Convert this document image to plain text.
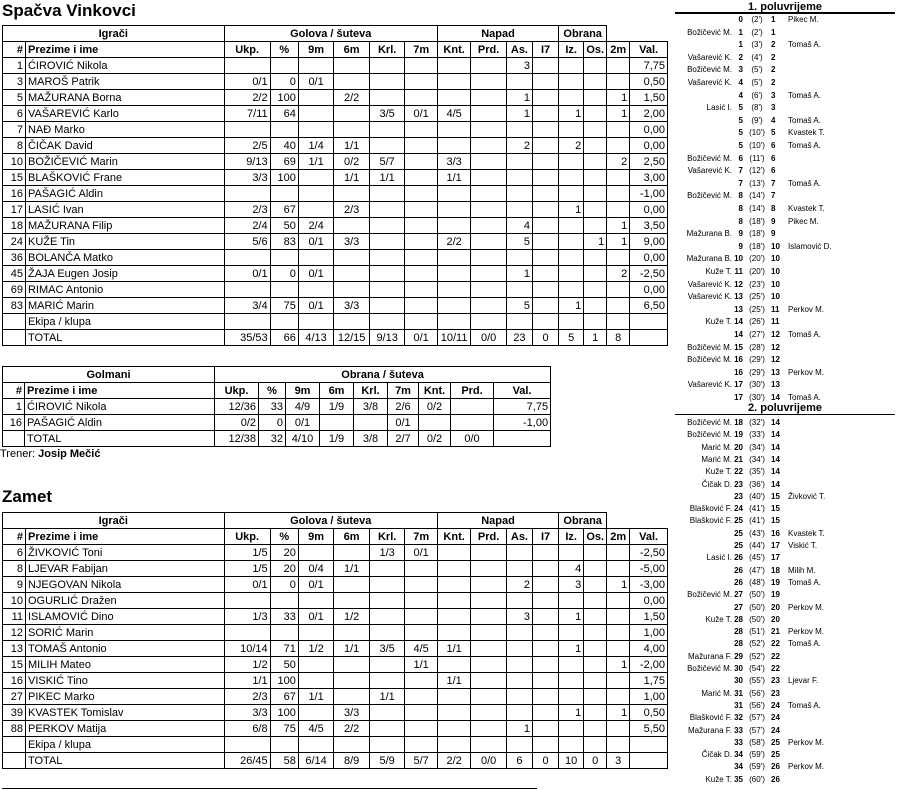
Spačva Vinkovci
Igrači		Golova / šuteva						Napad				Obrana			
#	Prezime i ime	Ukp.	%	9m	6m	Krl.	7m	Knt.	Prd.	As.	I7	Iz.	Os.	2m	Val.
1	ĆIROVIĆ Nikola									3					7,75
3	MAROŠ Patrik	0/1	0	0/1											0,50
5	MAŽURANA Borna	2/2	100		2/2					1				1	1,50
6	VAŠAREVIĆ Karlo	7/11	64			3/5	0/1	4/5		1		1		1	2,00
7	NAĐ Marko														0,00
8	ČIČAK David	2/5	40	1/4	1/1					2		2			0,00
10	BOŽIČEVIĆ Marin	9/13	69	1/1	0/2	5/7		3/3						2	2,50
15	BLAŠKOVIĆ Frane	3/3	100		1/1	1/1		1/1							3,00
16	PAŠAGIĆ Aldin														-1,00
17	LASIĆ Ivan	2/3	67		2/3							1			0,00
18	MAŽURANA Filip	2/4	50	2/4						4				1	3,50
24	KUŽE Tin	5/6	83	0/1	3/3			2/2		5			1	1	9,00
36	BOLANČA Matko														0,00
45	ŽAJA Eugen Josip	0/1	0	0/1						1				2	-2,50
69	RIMAC Antonio														0,00
83	MARIĆ Marin	3/4	75	0/1	3/3					5		1			6,50
	Ekipa / klupa														
	TOTAL	35/53	66	4/13	12/15	9/13	0/1	10/11	0/0	23	0	5	1	8	
Golmani		Obrana / šuteva								
#	Prezime i ime	Ukp.	%	9m	6m	Krl.	7m	Knt.	Prd.	Val.
1	ĆIROVIĆ Nikola	12/36	33	4/9	1/9	3/8	2/6	0/2		7,75
16	PAŠAGIĆ Aldin	0/2	0	0/1			0/1			-1,00
	TOTAL	12/38	32	4/10	1/9	3/8	2/7	0/2	0/0	
Trener: Josip Mečić
Zamet
Igrači		Golova / šuteva						Napad				Obrana			
#	Prezime i ime	Ukp.	%	9m	6m	Krl.	7m	Knt.	Prd.	As.	I7	Iz.	Os.	2m	Val.
6	ŽIVKOVIĆ Toni	1/5	20			1/3	0/1								-2,50
8	LJEVAR Fabijan	1/5	20	0/4	1/1							4			-5,00
9	NJEGOVAN Nikola	0/1	0	0/1						2		3		1	-3,00
10	OGURLIĆ Dražen														0,00
11	ISLAMOVIĆ Dino	1/3	33	0/1	1/2					3		1			1,50
12	SORIĆ Marin														1,00
13	TOMAŠ Antonio	10/14	71	1/2	1/1	3/5	4/5	1/1				1			4,00
15	MILIH Mateo	1/2	50				1/1							1	-2,00
16	VISKIĆ Tino	1/1	100					1/1							1,75
27	PIKEC Marko	2/3	67	1/1		1/1									1,00
39	KVASTEK Tomislav	3/3	100		3/3							1		1	0,50
88	PERKOV Matija	6/8	75	4/5	2/2					1					5,50
	Ekipa / klupa														
	TOTAL	26/45	58	6/14	8/9	5/9	5/7	2/2	0/0	6	0	10	0	3	
1. poluvrijeme
2. poluvrijeme
0	(2')	1	Pikec M.
Božičević M. 1	(2')	1
1	(3')	2	Tomaš A.
Vašarević K. 2	(4')	2
Božičević M. 3	(5')	2
Vašarević K. 4	(5')	2
4	(6')	3	Tomaš A.
Lasić I. 5	(8')	3
5	(9')	4	Tomaš A.
5 (10') 5	Kvastek T.
5 (10') 6	Tomaš A.
Božičević M. 6 (11') 6
Vašarević K. 7 (12') 6
7 (13') 7	Tomaš A.
Božičević M. 8 (14') 7
8 (14') 8	Kvastek T.
8 (18') 9	Pikec M.
Mažurana B. 9 (18') 9
9 (18') 10 Islamović D.
Mažurana B. 10 (20') 10
Kuže T. 11 (20') 10
Vašarević K. 12 (23') 10
Vašarević K. 13 (25') 10
13 (25') 11 Perkov M.
Kuže T. 14 (26') 11
14 (27') 12 Tomaš A.
Božičević M. 15 (28') 12
Božičević M. 16 (29') 12
16 (29') 13 Perkov M.
Vašarević K. 17 (30') 13
17 (30') 14 Tomaš A.
Božičević M. 18 (32') 14
Božičević M. 19 (33') 14
Marić M. 20 (34') 14
Marić M. 21 (34') 14
Kuže T. 22 (35') 14
Čičak D. 23 (36') 14
23 (40') 15 Živković T.
Blašković F. 24 (41') 15
Blašković F. 25 (41') 15
25 (43') 16 Kvastek T.
25 (44') 17 Viskić T.
Lasić I. 26 (45') 17
26 (47') 18 Milih M.
26 (48') 19 Tomaš A.
Božičević M. 27 (50') 19
27 (50') 20 Perkov M.
Kuže T. 28 (50') 20
28 (51') 21 Perkov M.
28 (52') 22 Tomaš A.
Mažurana F. 29 (52') 22
Božičević M. 30 (54') 22
30 (55') 23 Ljevar F.
Marić M. 31 (56') 23
31 (56') 24 Tomaš A.
Blašković F. 32 (57') 24
Mažurana F. 33 (57') 24
33 (58') 25 Perkov M.
Čičak D. 34 (59') 25
34 (59') 26 Perkov M.
Kuže T. 35 (60') 26
